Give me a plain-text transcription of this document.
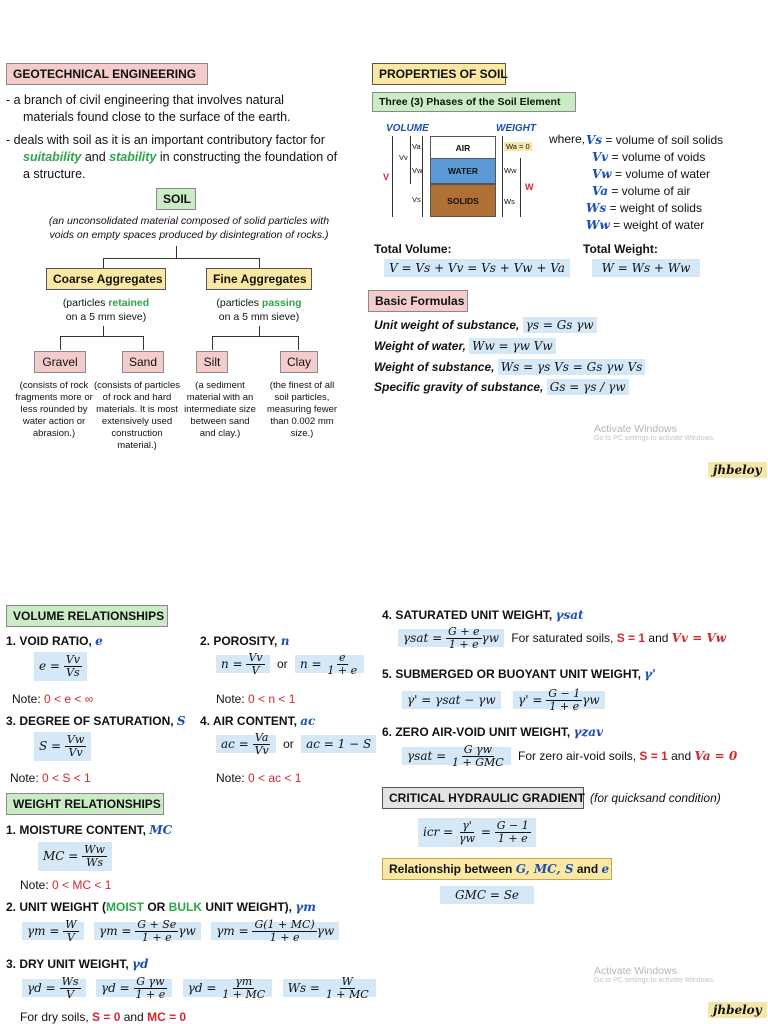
GEOTECHNICAL ENGINEERING
- a branch of civil engineering that involves natural
materials found close to the surface of the earth.
- deals with soil as it is an important contributory factor for
suitability and stability in constructing the foundation of
a structure.
SOIL
(an unconsolidated material composed of solid particles with
voids on empty spaces produced by disintegration of rocks.)
Coarse Aggregates	Fine Aggregates
(particles retained
on a 5 mm sieve)
(particles passing
on a 5 mm sieve)
Gravel	Sand	Silt	Clay
(consists of rock fragments more or less rounded by water action or abrasion.)
(consists of particles of rock and hard materials. It is most extensively used construction material.)
(a sediment material with an intermediate size between sand and clay.)
(the finest of all soil particles, measuring fewer than 0.002 mm size.)
PROPERTIES OF SOIL
Three (3) Phases of the Soil Element
VOLUME	WEIGHT
AIR
WATER
SOLIDS
V
Vv
Va
Vw
Vs
Wa = 0
Ww
Ws
W
where, Vs = volume of soil solids
Vv = volume of voids
Vw = volume of water
Va = volume of air
Ws = weight of solids
Ww = weight of water
Total Volume:
V = Vs + Vv = Vs + Vw + Va
Total Weight:
W = Ws + Ww
Basic Formulas
Unit weight of substance, γs = Gs γw
Weight of water, Ww = γw Vw
Weight of substance, Ws = γs Vs = Gs γw Vs
Specific gravity of substance, Gs = γs / γw
Activate Windows
Go to PC settings to activate Windows.
jhbeloy
VOLUME RELATIONSHIPS
1. VOID RATIO, e
$e = \frac{Vv}{Vs}$
Note: 0 < e < ∞
2. POROSITY, n
$n = \frac{Vv}{V}$ or $n = \frac{e}{1 + e}$
Note: 0 < n < 1
3. DEGREE OF SATURATION, S
$S = \frac{Vw}{Vv}$
Note: 0 < S < 1
4. AIR CONTENT, ac
ac = $\frac{Va}{Vv}$ or ac = 1 − S
Note: 0 < ac < 1
WEIGHT RELATIONSHIPS
1. MOISTURE CONTENT, MC
MC = $\frac{Ww}{Ws}$
Note: 0 < MC < 1
2. UNIT WEIGHT (MOIST OR BULK UNIT WEIGHT), γm
$\gamma m = \frac{W}{V}$ $\gamma m = \frac{G + Se}{1 + e}$ γw $\gamma m = \frac{G(1 + MC)}{1 + e}$ γw
3. DRY UNIT WEIGHT, γd
$\gamma d = \frac{Ws}{V}$ $\gamma d = \frac{\text{G γw}}{1 + e}$ $\gamma d = \frac{\gamma m}{1 + MC}$ $Ws = \frac{W}{1 + MC}$
For dry soils, S = 0 and MC = 0
4. SATURATED UNIT WEIGHT, γsat
$\gamma sat = \frac{G + e}{1 + e}$ γw For saturated soils, S = 1 and Vv = Vw
5. SUBMERGED OR BUOYANT UNIT WEIGHT, γ'
γ' = γsat − γw $\gamma' = \frac{G - 1}{1 + e}$ γw
6. ZERO AIR-VOID UNIT WEIGHT, γzav
$\gamma sat = \frac{\text{G γw}}{\text{1 + GMC}}$ For zero air-void soils, S = 1 and Va = 0
CRITICAL HYDRAULIC GRADIENT (for quicksand condition)
icr = $\frac{\gamma'}{\gamma w} = \frac{G - 1}{1 + e}$
Relationship between G, MC, S and e
GMC = Se
Activate Windows
Go to PC settings to activate Windows.
jhbeloy
